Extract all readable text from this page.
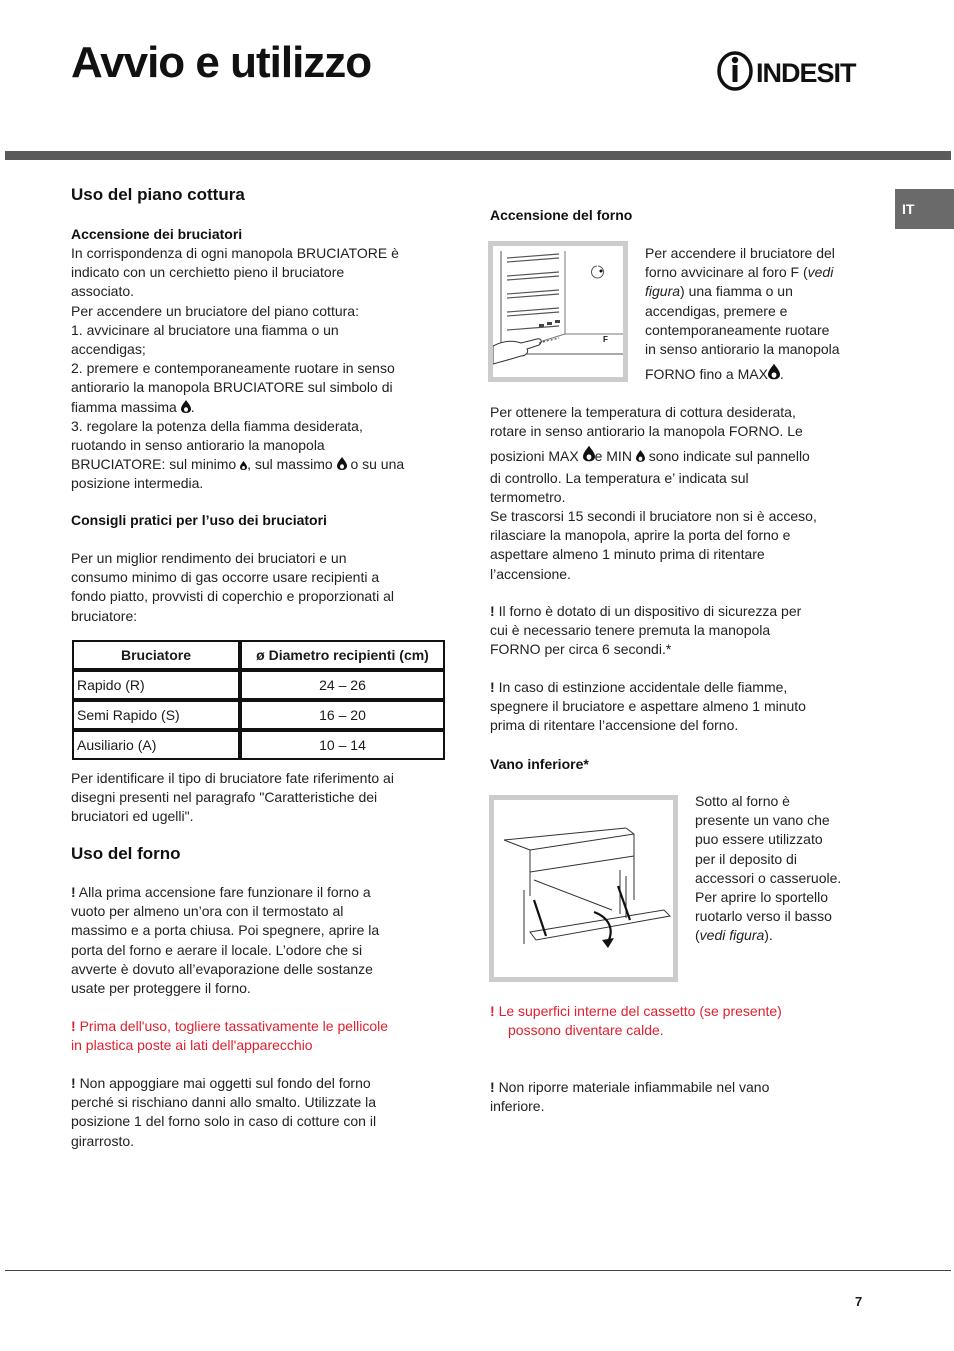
Avvio e utilizzo	INDESIT
IT
Uso del piano cottura
Accensione dei bruciatori
In corrispondenza di ogni manopola BRUCIATORE è
indicato con un cerchietto pieno il bruciatore
associato.
Per accendere un bruciatore del piano cottura:
1. avvicinare al bruciatore una fiamma o un
accendigas;
2. premere e contemporaneamente ruotare in senso
antiorario la manopola BRUCIATORE sul simbolo di
fiamma massima .
3. regolare la potenza della fiamma desiderata,
ruotando in senso antiorario la manopola
BRUCIATORE: sul minimo , sul massimo o su una
posizione intermedia.
Consigli pratici per l’uso dei bruciatori
Per un miglior rendimento dei bruciatori e un
consumo minimo di gas occorre usare recipienti a
fondo piatto, provvisti di coperchio e proporzionati al
bruciatore:
Bruciatore	ø Diametro recipienti (cm)
Rapido (R)	24 – 26
Semi Rapido (S)	16 – 20
Ausiliario (A)	10 – 14
Per identificare il tipo di bruciatore fate riferimento ai
disegni presenti nel paragrafo "Caratteristiche dei
bruciatori ed ugelli".
Uso del forno
! Alla prima accensione fare funzionare il forno a
vuoto per almeno un’ora con il termostato al
massimo e a porta chiusa. Poi spegnere, aprire la
porta del forno e aerare il locale. L’odore che si
avverte è dovuto all’evaporazione delle sostanze
usate per proteggere il forno.
! Prima dell'uso, togliere tassativamente le pellicole
in plastica poste ai lati dell'apparecchio
! Non appoggiare mai oggetti sul fondo del forno
perché si rischiano danni allo smalto. Utilizzate la
posizione 1 del forno solo in caso di cotture con il
girarrosto.
Accensione del forno
F
Per accendere il bruciatore del
forno avvicinare al foro F (vedi
figura) una fiamma o un
accendigas, premere e
contemporaneamente ruotare
in senso antiorario la manopola
FORNO fino a MAX .
Per ottenere la temperatura di cottura desiderata,
rotare in senso antiorario la manopola FORNO. Le
posizioni MAX e MIN sono indicate sul pannello
di controllo. La temperatura e’ indicata sul
termometro.
Se trascorsi 15 secondi il bruciatore non si è acceso,
rilasciare la manopola, aprire la porta del forno e
aspettare almeno 1 minuto prima di ritentare
l’accensione.
! Il forno è dotato di un dispositivo di sicurezza per
cui è necessario tenere premuta la manopola
FORNO per circa 6 secondi.*
! In caso di estinzione accidentale delle fiamme,
spegnere il bruciatore e aspettare almeno 1 minuto
prima di ritentare l’accensione del forno.
Vano inferiore*
Sotto al forno è
presente un vano che
puo essere utilizzato
per il deposito di
accessori o casseruole.
Per aprire lo sportello
ruotarlo verso il basso
(vedi figura).
! Le superfici interne del cassetto (se presente)
possono diventare calde.
! Non riporre materiale infiammabile nel vano
inferiore.
7
